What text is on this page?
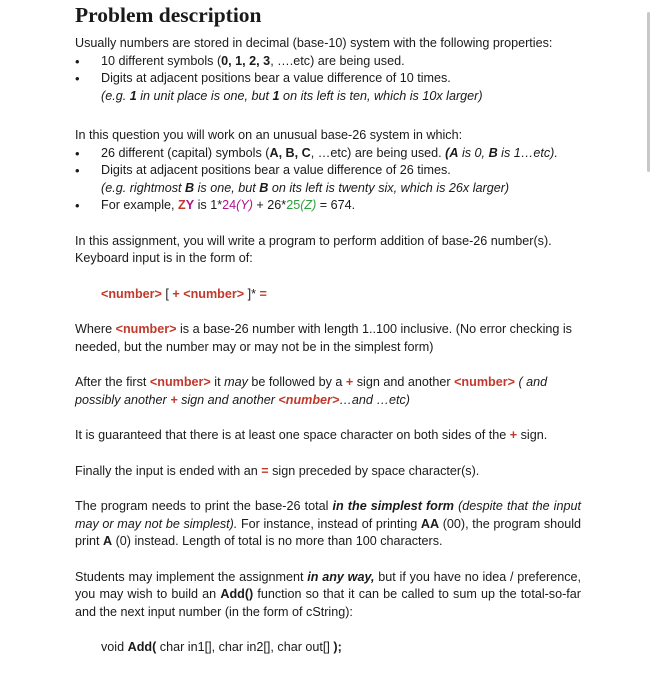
Problem description

Usually numbers are stored in decimal (base-10) system with the following properties:

• 10 different symbols (0, 1, 2, 3, ….etc) are being used.
• Digits at adjacent positions bear a value difference of 10 times.
(e.g. 1 in unit place is one, but 1 on its left is ten, which is 10x larger)

In this question you will work on an unusual base-26 system in which:

• 26 different (capital) symbols (A, B, C, …etc) are being used. (A is 0, B is 1…etc).
• Digits at adjacent positions bear a value difference of 26 times.
(e.g. rightmost B is one, but B on its left is twenty six, which is 26x larger)
• For example, ZY is 1*24(Y) + 26*25(Z) = 674.

In this assignment, you will write a program to perform addition of base-26 number(s).
Keyboard input is in the form of:

<number> [ + <number> ]* =

Where <number> is a base-26 number with length 1..100 inclusive. (No error checking is needed, but the number may or may not be in the simplest form)

After the first <number> it may be followed by a + sign and another <number> ( and possibly another + sign and another <number>…and …etc)

It is guaranteed that there is at least one space character on both sides of the + sign.

Finally the input is ended with an = sign preceded by space character(s).

The program needs to print the base-26 total in the simplest form (despite that the input may or may not be simplest). For instance, instead of printing AA (00), the program should print A (0) instead. Length of total is no more than 100 characters.

Students may implement the assignment in any way, but if you have no idea / preference, you may wish to build an Add() function so that it can be called to sum up the total-so-far and the next input number (in the form of cString):

void Add( char in1[], char in2[], char out[] );
